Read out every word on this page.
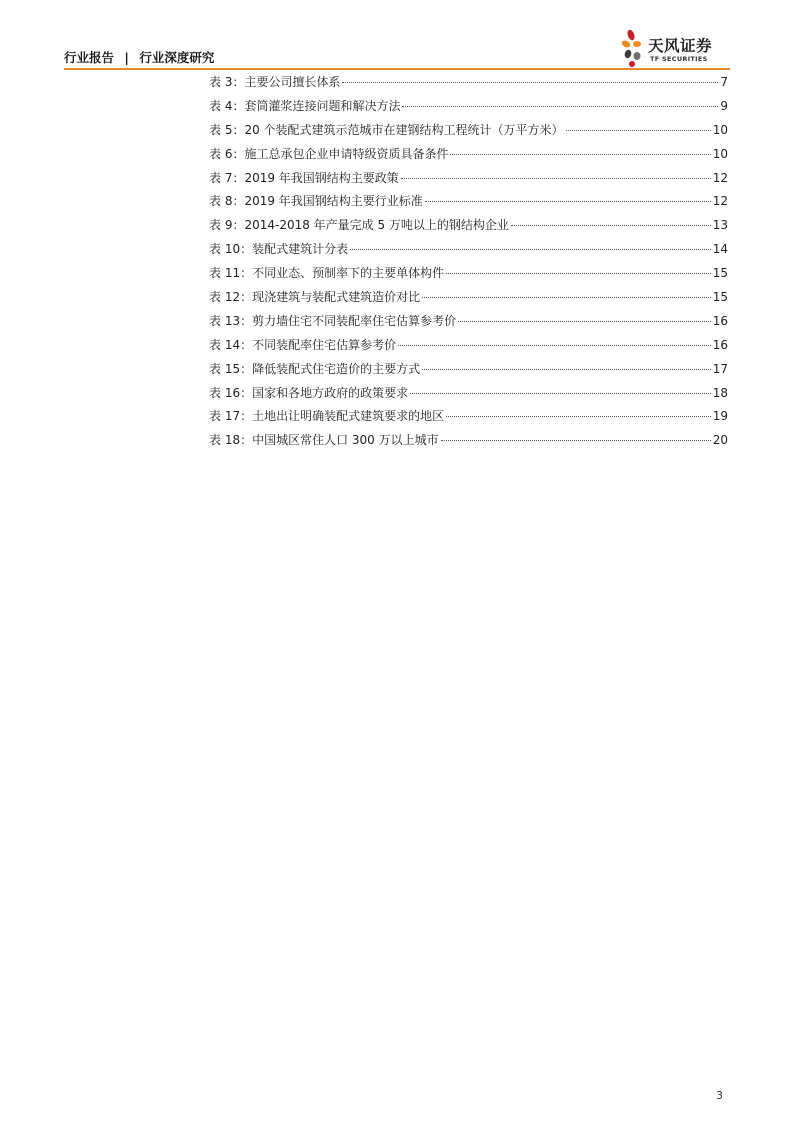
行业报告 | 行业深度研究
天风证券
TF SECURITIES
表 3：主要公司擅长体系	7
表 4：套筒灌浆连接问题和解决方法	9
表 5：20 个装配式建筑示范城市在建钢结构工程统计（万平方米）	10
表 6：施工总承包企业申请特级资质具备条件	10
表 7：2019 年我国钢结构主要政策	12
表 8：2019 年我国钢结构主要行业标准	12
表 9：2014-2018 年产量完成 5 万吨以上的钢结构企业	13
表 10：装配式建筑计分表	14
表 11：不同业态、预制率下的主要单体构件	15
表 12：现浇建筑与装配式建筑造价对比	15
表 13：剪力墙住宅不同装配率住宅估算参考价	16
表 14：不同装配率住宅估算参考价	16
表 15：降低装配式住宅造价的主要方式	17
表 16：国家和各地方政府的政策要求	18
表 17：土地出让明确装配式建筑要求的地区	19
表 18：中国城区常住人口 300 万以上城市	20
3
